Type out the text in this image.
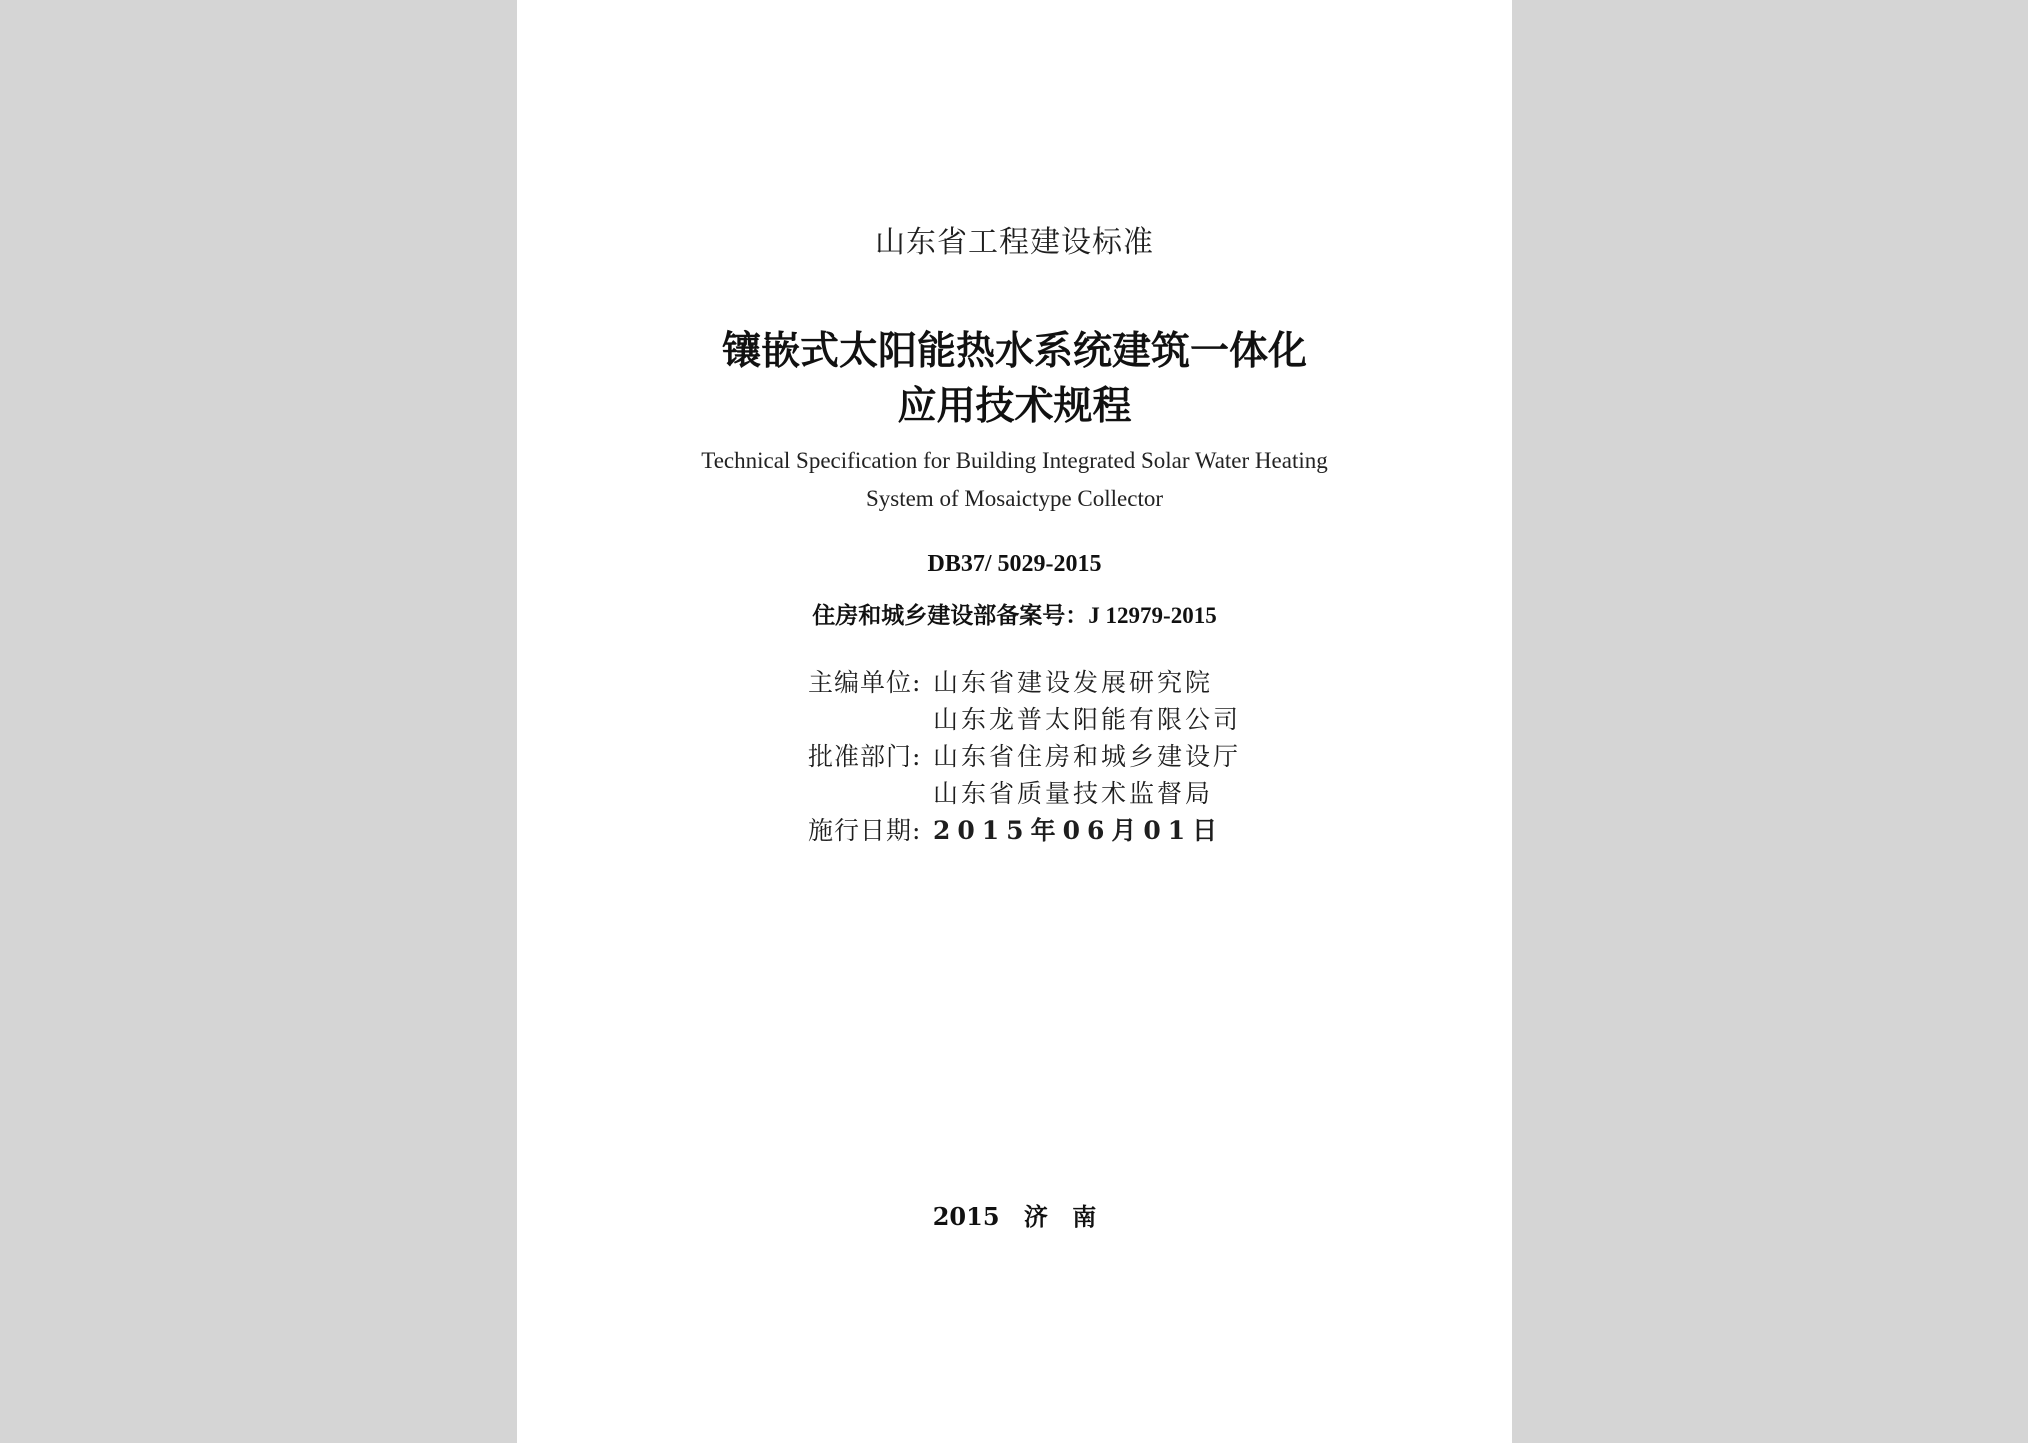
山东省工程建设标准
镶嵌式太阳能热水系统建筑一体化
应用技术规程
Technical Specification for Building Integrated Solar Water Heating
System of Mosaictype Collector
DB37/ 5029-2015
住房和城乡建设部备案号：J 12979-2015
主编单位: 山东省建设发展研究院
山东龙普太阳能有限公司
批准部门: 山东省住房和城乡建设厅
山东省质量技术监督局
施行日期: 2015年06月01日
2015 济 南
